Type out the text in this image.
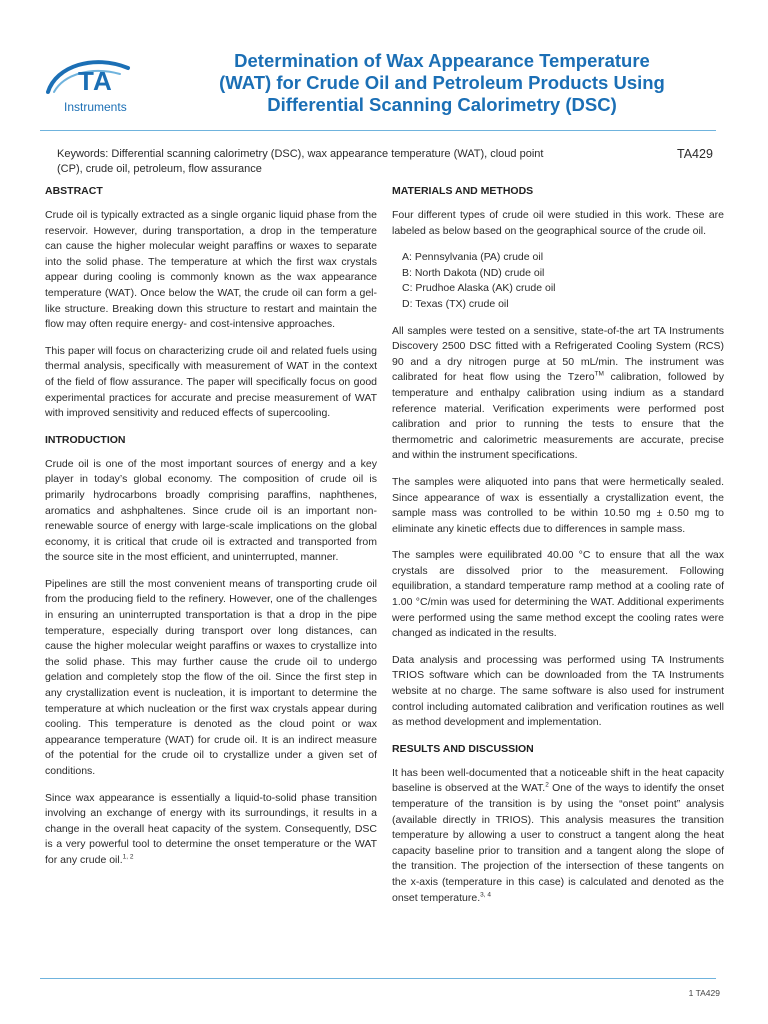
TA
Instruments
Determination of Wax Appearance Temperature
(WAT) for Crude Oil and Petroleum Products Using
Differential Scanning Calorimetry (DSC)
Keywords: Differential scanning calorimetry (DSC), wax appearance temperature (WAT), cloud point (CP), crude oil, petroleum, flow assurance
TA429
ABSTRACT

Crude oil is typically extracted as a single organic liquid phase from the reservoir. However, during transportation, a drop in the temperature can cause the higher molecular weight paraffins or waxes to separate into the solid phase. The temperature at which the first wax crystals appear during cooling is commonly known as the wax appearance temperature (WAT). Once below the WAT, the crude oil can form a gel-like structure. Breaking down this structure to restart and maintain the flow may often require energy- and cost-intensive approaches.

This paper will focus on characterizing crude oil and related fuels using thermal analysis, specifically with measurement of WAT in the context of the field of flow assurance. The paper will specifically focus on good experimental practices for accurate and precise measurement of WAT with improved sensitivity and reduced effects of supercooling.

INTRODUCTION

Crude oil is one of the most important sources of energy and a key player in today’s global economy. The composition of crude oil is primarily hydrocarbons broadly comprising paraffins, naphthenes, aromatics and ashphaltenes. Since crude oil is an important non-renewable source of energy with large-scale implications on the global economy, it is critical that crude oil is extracted and transported from the source site in the most efficient, and uninterrupted, manner.

Pipelines are still the most convenient means of transporting crude oil from the producing field to the refinery. However, one of the challenges in ensuring an uninterrupted transportation is that a drop in the pipe temperature, especially during transport over long distances, can cause the higher molecular weight paraffins or waxes to crystallize into the solid phase. This may further cause the crude oil to undergo gelation and completely stop the flow of the oil. Since the first step in any crystallization event is nucleation, it is important to determine the temperature at which nucleation or the first wax crystals appear during cooling. This temperature is denoted as the cloud point or wax appearance temperature (WAT) for crude oil. It is an indirect measure of the potential for the crude oil to crystallize under a given set of conditions.

Since wax appearance is essentially a liquid-to-solid phase transition involving an exchange of energy with its surroundings, it results in a change in the overall heat capacity of the system. Consequently, DSC is a very powerful tool to determine the onset temperature or the WAT for any crude oil.$^{1, 2}$

MATERIALS AND METHODS

Four different types of crude oil were studied in this work. These are labeled as below based on the geographical source of the crude oil.

A: Pennsylvania (PA) crude oil
B: North Dakota (ND) crude oil
C: Prudhoe Alaska (AK) crude oil
D: Texas (TX) crude oil

All samples were tested on a sensitive, state-of-the art TA Instruments Discovery 2500 DSC fitted with a Refrigerated Cooling System (RCS) 90 and a dry nitrogen purge at 50 mL/min. The instrument was calibrated for heat flow using the Tzero™ calibration, followed by temperature and enthalpy calibration using indium as a standard reference material. Verification experiments were performed post calibration and prior to running the tests to ensure that the thermometric and calorimetric measurements are accurate, precise and within the instrument specifications.

The samples were aliquoted into pans that were hermetically sealed. Since appearance of wax is essentially a crystallization event, the sample mass was controlled to be within 10.50 mg ± 0.50 mg to eliminate any kinetic effects due to differences in sample mass.

The samples were equilibrated 40.00 °C to ensure that all the wax crystals are dissolved prior to the measurement. Following equilibration, a standard temperature ramp method at a cooling rate of 1.00 °C/min was used for determining the WAT. Additional experiments were performed using the same method except the cooling rates were changed as indicated in the results.

Data analysis and processing was performed using TA Instruments TRIOS software which can be downloaded from the TA Instruments website at no charge. The same software is also used for instrument control including automated calibration and verification routines as well as method development and implementation.

RESULTS AND DISCUSSION

It has been well-documented that a noticeable shift in the heat capacity baseline is observed at the WAT.$^2$ One of the ways to identify the onset temperature of the transition is by using the “onset point” analysis (available directly in TRIOS). This analysis measures the transition temperature by allowing a user to construct a tangent along the heat capacity baseline prior to transition and a tangent along the slope of the transition. The projection of the intersection of these tangents on the x-axis (temperature in this case) is calculated and denoted as the onset temperature.$^{3, 4}$

1 TA429
